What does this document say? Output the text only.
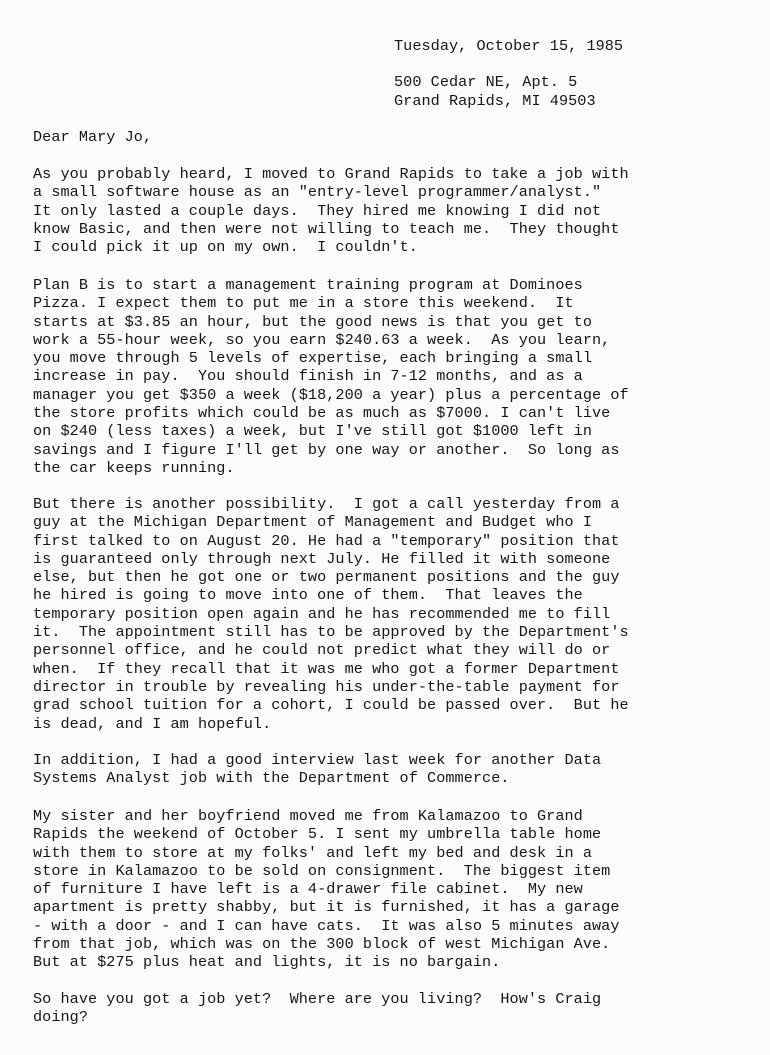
Tuesday, October 15, 1985
500 Cedar NE, Apt. 5
Grand Rapids, MI 49503
Dear Mary Jo,
As you probably heard, I moved to Grand Rapids to take a job with
a small software house as an "entry-level programmer/analyst."
It only lasted a couple days.  They hired me knowing I did not
know Basic, and then were not willing to teach me.  They thought
I could pick it up on my own.  I couldn't.
Plan B is to start a management training program at Dominoes
Pizza. I expect them to put me in a store this weekend.  It
starts at $3.85 an hour, but the good news is that you get to
work a 55-hour week, so you earn $240.63 a week.  As you learn,
you move through 5 levels of expertise, each bringing a small
increase in pay.  You should finish in 7-12 months, and as a
manager you get $350 a week ($18,200 a year) plus a percentage of
the store profits which could be as much as $7000. I can't live
on $240 (less taxes) a week, but I've still got $1000 left in
savings and I figure I'll get by one way or another.  So long as
the car keeps running.
But there is another possibility.  I got a call yesterday from a
guy at the Michigan Department of Management and Budget who I
first talked to on August 20. He had a "temporary" position that
is guaranteed only through next July. He filled it with someone
else, but then he got one or two permanent positions and the guy
he hired is going to move into one of them.  That leaves the
temporary position open again and he has recommended me to fill
it.  The appointment still has to be approved by the Department's
personnel office, and he could not predict what they will do or
when.  If they recall that it was me who got a former Department
director in trouble by revealing his under-the-table payment for
grad school tuition for a cohort, I could be passed over.  But he
is dead, and I am hopeful.
In addition, I had a good interview last week for another Data
Systems Analyst job with the Department of Commerce.
My sister and her boyfriend moved me from Kalamazoo to Grand
Rapids the weekend of October 5. I sent my umbrella table home
with them to store at my folks' and left my bed and desk in a
store in Kalamazoo to be sold on consignment.  The biggest item
of furniture I have left is a 4-drawer file cabinet.  My new
apartment is pretty shabby, but it is furnished, it has a garage
- with a door - and I can have cats.  It was also 5 minutes away
from that job, which was on the 300 block of west Michigan Ave.
But at $275 plus heat and lights, it is no bargain.
So have you got a job yet?  Where are you living?  How's Craig
doing?
